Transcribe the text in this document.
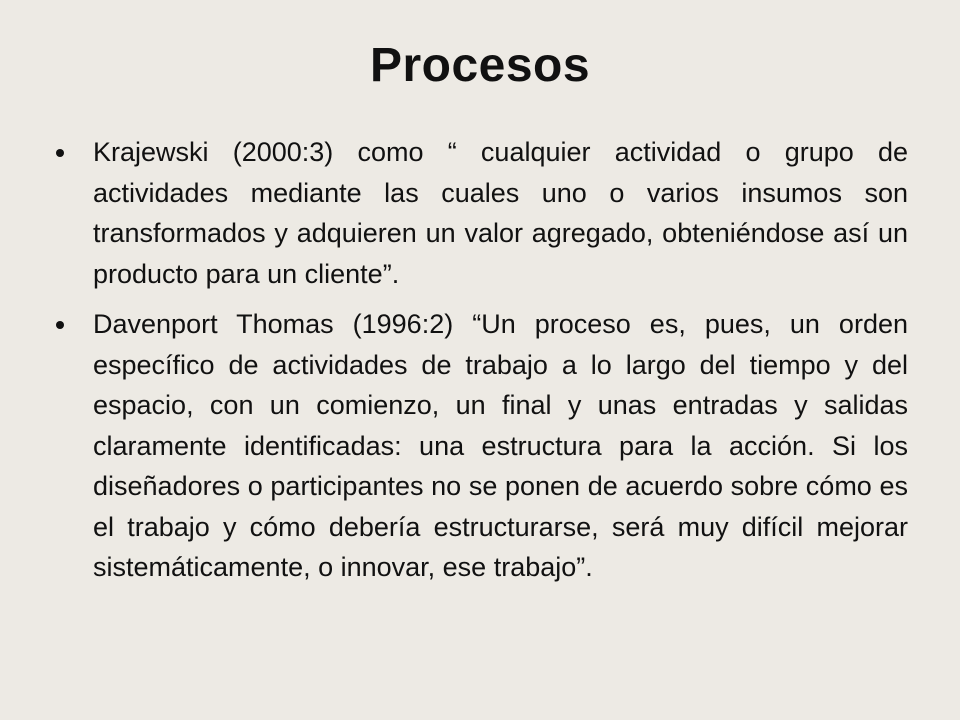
Procesos
Krajewski (2000:3) como “ cualquier actividad o grupo de actividades mediante las cuales uno o varios insumos son transformados y adquieren un valor agregado, obteniéndose así un producto para un cliente”.
Davenport Thomas (1996:2) “Un proceso es, pues, un orden específico de actividades de trabajo a lo largo del tiempo y del espacio, con un comienzo, un final y unas entradas y salidas claramente identificadas: una estructura para la acción. Si los diseñadores o participantes no se ponen de acuerdo sobre cómo es el trabajo y cómo debería estructurarse, será muy difícil mejorar sistemáticamente, o innovar, ese trabajo”.
